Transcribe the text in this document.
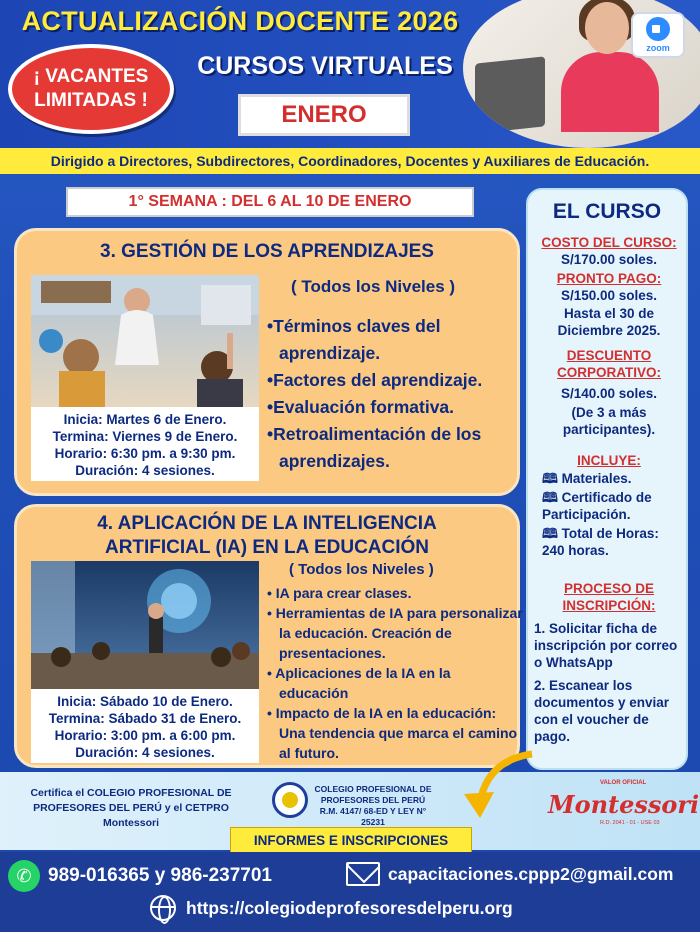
ACTUALIZACIÓN DOCENTE 2026
CURSOS VIRTUALES
¡ VACANTES LIMITADAS !
ENERO
zoom
Dirigido a Directores, Subdirectores, Coordinadores, Docentes y Auxiliares de Educación.
1° SEMANA : DEL 6 AL 10 DE ENERO
3. GESTIÓN DE LOS APRENDIZAJES
( Todos los Niveles )
Inicia: Martes 6 de Enero.
Termina: Viernes 9 de Enero.
Horario: 6:30 pm. a 9:30 pm.
Duración: 4 sesiones.
•Términos claves del aprendizaje.
•Factores del aprendizaje.
•Evaluación formativa.
•Retroalimentación de los aprendizajes.
4. APLICACIÓN DE LA INTELIGENCIA
ARTIFICIAL (IA) EN LA EDUCACIÓN
( Todos los Niveles )
Inicia: Sábado 10 de Enero.
Termina: Sábado 31 de Enero.
Horario: 3:00 pm. a 6:00 pm.
Duración: 4 sesiones.
• IA para crear clases.
• Herramientas de IA para personalizar la educación. Creación de presentaciones.
• Aplicaciones de la IA en la educación
• Impacto de la IA en la educación: Una tendencia que marca el camino al futuro.
EL CURSO
COSTO DEL CURSO:
S/170.00 soles.
PRONTO PAGO:
S/150.00 soles.
Hasta el 30 de Diciembre 2025.
DESCUENTO CORPORATIVO:
S/140.00 soles.
(De 3 a más participantes).
INCLUYE:
🕮 Materiales.
🕮 Certificado de Participación.
🕮 Total de Horas: 240 horas.
PROCESO DE INSCRIPCIÓN:
1. Solicitar ficha de inscripción por correo o WhatsApp
2. Escanear los documentos y enviar con el voucher de pago.
Certifica el COLEGIO PROFESIONAL DE PROFESORES DEL PERÚ y el CETPRO Montessori
COLEGIO PROFESIONAL DE PROFESORES DEL PERÚ
R.M. 4147/ 68-ED Y LEY N° 25231
VALOR OFICIAL
Montessori
R.D. 2041 - 01 - USE 03
INFORMES E INSCRIPCIONES
✆ 989-016365 y 986-237701	capacitaciones.cppp2@gmail.com
https://colegiodeprofesoresdelperu.org
